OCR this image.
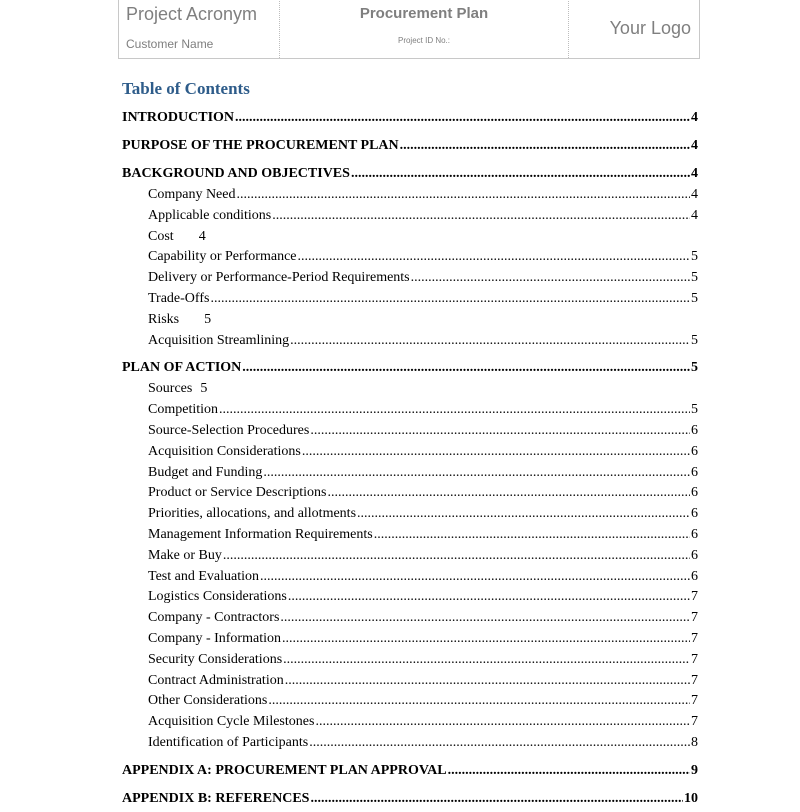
Project Acronym
Customer Name
Procurement Plan
Project ID No.:
Your Logo
Table of Contents
INTRODUCTION .....	4
PURPOSE OF THE PROCUREMENT PLAN .....	4
BACKGROUND AND OBJECTIVES .....	4
Company Need .....	4
Applicable conditions .....	4
Cost 4
Capability or Performance .....	5
Delivery or Performance-Period Requirements .....	5
Trade-Offs .....	5
Risks 5
Acquisition Streamlining .....	5
PLAN OF ACTION .....	5
Sources 5
Competition .....	5
Source-Selection Procedures .....	6
Acquisition Considerations .....	6
Budget and Funding .....	6
Product or Service Descriptions .....	6
Priorities, allocations, and allotments .....	6
Management Information Requirements .....	6
Make or Buy .....	6
Test and Evaluation .....	6
Logistics Considerations .....	7
Company - Contractors .....	7
Company - Information .....	7
Security Considerations .....	7
Contract Administration .....	7
Other Considerations .....	7
Acquisition Cycle Milestones .....	7
Identification of Participants .....	8
APPENDIX A: PROCUREMENT PLAN APPROVAL .....	9
APPENDIX B: REFERENCES .....	10
